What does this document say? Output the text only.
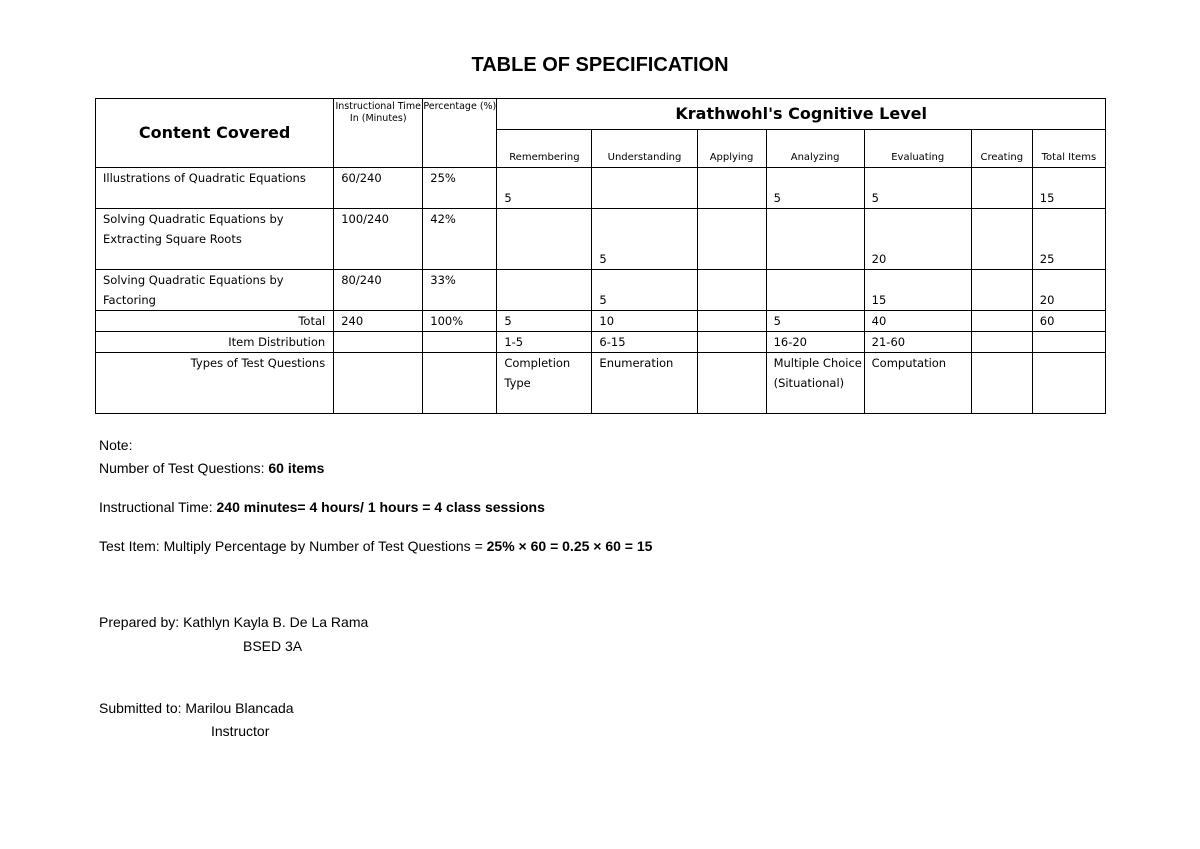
TABLE OF SPECIFICATION
Content Covered	Instructional Time In (Minutes)	Percentage (%)	Krathwohl's Cognitive Level						
			Remembering	Understanding	Applying	Analyzing	Evaluating	Creating	Total Items
Illustrations of Quadratic Equations	60/240	25%	5			5	5		15
Solving Quadratic Equations by Extracting Square Roots	100/240	42%		5			20		25
Solving Quadratic Equations by Factoring	80/240	33%		5			15		20
Total	240	100%	5	10		5	40		60
Item Distribution			1-5	6-15		16-20	21-60		
Types of Test Questions			Completion Type	Enumeration		Multiple Choice (Situational)	Computation		
Note:
Number of Test Questions: 60 items
Instructional Time: 240 minutes= 4 hours/ 1 hours = 4 class sessions
Test Item: Multiply Percentage by Number of Test Questions = 25% × 60 = 0.25 × 60 = 15
Prepared by: Kathlyn Kayla B. De La Rama
BSED 3A
Submitted to: Marilou Blancada
Instructor
